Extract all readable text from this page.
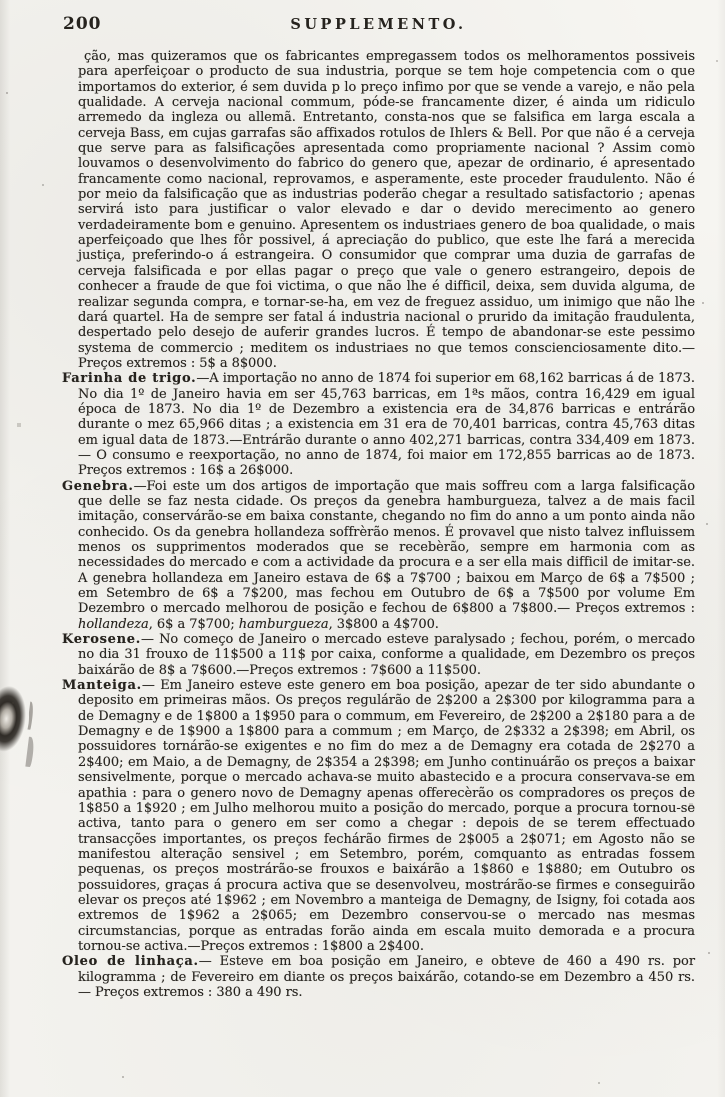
200	SUPPLEMENTO.

ção, mas quizeramos que os fabricantes empregassem todos os melhoramentos possiveis para aperfeiçoar o producto de sua industria, porque se tem hoje competencia com o que importamos do exterior, é sem duvida p lo preço infimo por que se vende a varejo, e não pela qualidade. A cerveja nacional commum, póde-se francamente dizer, é ainda um ridiculo arremedo da ingleza ou allemã. Entretanto, consta-nos que se falsifica em larga escala a cerveja Bass, em cujas garrafas são affixados rotulos de Ihlers & Bell. Por que não é a cerveja que serve para as falsificações apresentada como propriamente nacional ? Assim como louvamos o desenvolvimento do fabrico do genero que, apezar de ordinario, é apresentado francamente como nacional, reprovamos, e asperamente, este proceder fraudulento. Não é por meio da falsificação que as industrias poderão chegar a resultado satisfactorio ; apenas servirá isto para justificar o valor elevado e dar o devido merecimento ao genero verdadeiramente bom e genuino. Apresentem os industriaes genero de boa qualidade, o mais aperfeiçoado que lhes fôr possivel, á apreciação do publico, que este lhe fará a merecida justiça, preferindo-o á estrangeira. O consumidor que comprar uma duzia de garrafas de cerveja falsificada e por ellas pagar o preço que vale o genero estrangeiro, depois de conhecer a fraude de que foi victima, o que não lhe é difficil, deixa, sem duvida alguma, de realizar segunda compra, e tornar-se-ha, em vez de freguez assiduo, um inimigo que não lhe dará quartel. Ha de sempre ser fatal á industria nacional o prurido da imitação fraudulenta, despertado pelo desejo de auferir grandes lucros. É tempo de abandonar-se este pessimo systema de commercio ; meditem os industriaes no que temos conscienciosamente dito.— Preços extremos : 5$ a 8$000.

Farinha de trigo.—A importação no anno de 1874 foi superior em 68,162 barricas á de 1873. No dia 1º de Janeiro havia em ser 45,763 barricas, em 1ªs mãos, contra 16,429 em igual época de 1873. No dia 1º de Dezembro a existencia era de 34,876 barricas e entrárão durante o mez 65,966 ditas ; a existencia em 31 era de 70,401 barricas, contra 45,763 ditas em igual data de 1873.—Entrárão durante o anno 402,271 barricas, contra 334,409 em 1873.— O consumo e reexportação, no anno de 1874, foi maior em 172,855 barricas ao de 1873. Preços extremos : 16$ a 26$000.

Genebra.—Foi este um dos artigos de importação que mais soffreu com a larga falsificação que delle se faz nesta cidade. Os preços da genebra hamburgueza, talvez a de mais facil imitação, conservárão-se em baixa constante, chegando no fim do anno a um ponto ainda não conhecido. Os da genebra hollandeza soffrèrão menos. É provavel que nisto talvez influissem menos os supprimentos moderados que se recebèrão, sempre em harmonia com as necessidades do mercado e com a actividade da procura e a ser ella mais difficil de imitar-se. A genebra hollandeza em Janeiro estava de 6$ a 7$700 ; baixou em Março de 6$ a 7$500 ; em Setembro de 6$ a 7$200, mas fechou em Outubro de 6$ a 7$500 por volume Em Dezembro o mercado melhorou de posição e fechou de 6$800 a 7$800.— Preços extremos : hollandeza, 6$ a 7$700; hamburgueza, 3$800 a 4$700.

Kerosene.— No começo de Janeiro o mercado esteve paralysado ; fechou, porém, o mercado no dia 31 frouxo de 11$500 a 11$ por caixa, conforme a qualidade, em Dezembro os preços baixárão de 8$ a 7$600.—Preços extremos : 7$600 a 11$500.

Manteiga.— Em Janeiro esteve este genero em boa posição, apezar de ter sido abundante o deposito em primeiras mãos. Os preços regulárão de 2$200 a 2$300 por kilogramma para a de Demagny e de 1$800 a 1$950 para o commum, em Fevereiro, de 2$200 a 2$180 para a de Demagny e de 1$900 a 1$800 para a commum ; em Março, de 2$332 a 2$398; em Abril, os possuidores tornárão-se exigentes e no fim do mez a de Demagny era cotada de 2$270 a 2$400; em Maio, a de Demagny, de 2$354 a 2$398; em Junho continuárão os preços a baixar sensivelmente, porque o mercado achava-se muito abastecido e a procura conservava-se em apathia : para o genero novo de Demagny apenas offerecèrão os compradores os preços de 1$850 a 1$920 ; em Julho melhorou muito a posição do mercado, porque a procura tornou-se activa, tanto para o genero em ser como a chegar : depois de se terem effectuado transacções importantes, os preços fechárão firmes de 2$005 a 2$071; em Agosto não se manifestou alteração sensivel ; em Setembro, porém, comquanto as entradas fossem pequenas, os preços mostrárão-se frouxos e baixárão a 1$860 e 1$880; em Outubro os possuidores, graças á procura activa que se desenvolveu, mostrárão-se firmes e conseguirão elevar os preços até 1$962 ; em Novembro a manteiga de Demagny, de Isigny, foi cotada aos extremos de 1$962 a 2$065; em Dezembro conservou-se o mercado nas mesmas circumstancias, porque as entradas forão ainda em escala muito demorada e a procura tornou-se activa.—Preços extremos : 1$800 a 2$400.

Oleo de linhaça.— Esteve em boa posição em Janeiro, e obteve de 460 a 490 rs. por kilogramma ; de Fevereiro em diante os preços baixárão, cotando-se em Dezembro a 450 rs.— Preços extremos : 380 a 490 rs.
